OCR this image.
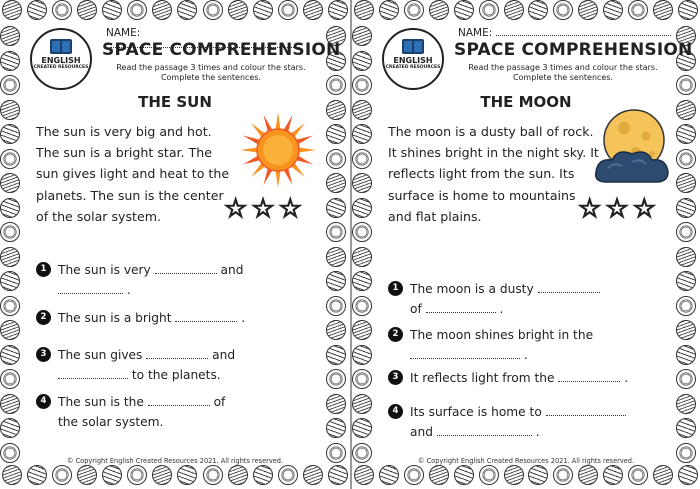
ENGLISH
CREATED RESOURCES
NAME:
SPACE COMPREHENSION
Read the passage 3 times and colour the stars. Complete the sentences.
THE SUN
The sun is very big and hot. The sun is a bright star. The sun gives light and heat to the planets. The sun is the center of the solar system.	☆ ☆ ☆
1 The sun is very	and
.
2 The sun is a bright	.
3 The sun gives	and
to the planets.
4 The sun is the	of
the solar system.
© Copyright English Created Resources 2021. All rights reserved.
ENGLISH
CREATED RESOURCES
NAME:
SPACE COMPREHENSION
Read the passage 3 times and colour the stars. Complete the sentences.
THE MOON
The moon is a dusty ball of rock. It shines bright in the night sky. It reflects light from the sun. Its surface is home to mountains and flat plains.	☆ ☆ ☆
1 The moon is a dusty
of	.
2 The moon shines bright in the
.
3 It reflects light from the	.
4 Its surface is home to
and	.
© Copyright English Created Resources 2021. All rights reserved.
